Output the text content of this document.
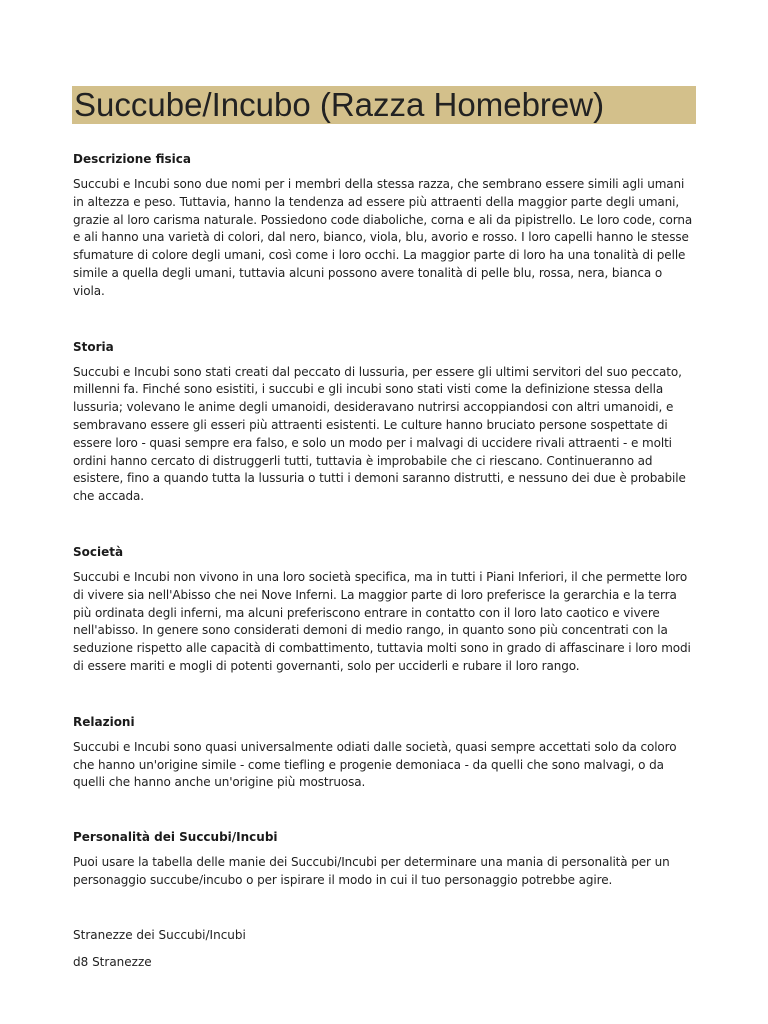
Succube/Incubo (Razza Homebrew)

Descrizione fisica

Succubi e Incubi sono due nomi per i membri della stessa razza, che sembrano essere simili agli umani in altezza e peso. Tuttavia, hanno la tendenza ad essere più attraenti della maggior parte degli umani, grazie al loro carisma naturale. Possiedono code diaboliche, corna e ali da pipistrello. Le loro code, corna e ali hanno una varietà di colori, dal nero, bianco, viola, blu, avorio e rosso. I loro capelli hanno le stesse sfumature di colore degli umani, così come i loro occhi. La maggior parte di loro ha una tonalità di pelle simile a quella degli umani, tuttavia alcuni possono avere tonalità di pelle blu, rossa, nera, bianca o viola.

Storia

Succubi e Incubi sono stati creati dal peccato di lussuria, per essere gli ultimi servitori del suo peccato, millenni fa. Finché sono esistiti, i succubi e gli incubi sono stati visti come la definizione stessa della lussuria; volevano le anime degli umanoidi, desideravano nutrirsi accoppiandosi con altri umanoidi, e sembravano essere gli esseri più attraenti esistenti. Le culture hanno bruciato persone sospettate di essere loro - quasi sempre era falso, e solo un modo per i malvagi di uccidere rivali attraenti - e molti ordini hanno cercato di distruggerli tutti, tuttavia è improbabile che ci riescano. Continueranno ad esistere, fino a quando tutta la lussuria o tutti i demoni saranno distrutti, e nessuno dei due è probabile che accada.

Società

Succubi e Incubi non vivono in una loro società specifica, ma in tutti i Piani Inferiori, il che permette loro di vivere sia nell'Abisso che nei Nove Inferni. La maggior parte di loro preferisce la gerarchia e la terra più ordinata degli inferni, ma alcuni preferiscono entrare in contatto con il loro lato caotico e vivere nell'abisso. In genere sono considerati demoni di medio rango, in quanto sono più concentrati con la seduzione rispetto alle capacità di combattimento, tuttavia molti sono in grado di affascinare i loro modi di essere mariti e mogli di potenti governanti, solo per ucciderli e rubare il loro rango.

Relazioni

Succubi e Incubi sono quasi universalmente odiati dalle società, quasi sempre accettati solo da coloro che hanno un'origine simile - come tiefling e progenie demoniaca - da quelli che sono malvagi, o da quelli che hanno anche un'origine più mostruosa.

Personalità dei Succubi/Incubi

Puoi usare la tabella delle manie dei Succubi/Incubi per determinare una mania di personalità per un personaggio succube/incubo o per ispirare il modo in cui il tuo personaggio potrebbe agire.

Stranezze dei Succubi/Incubi

d8 Stranezze
